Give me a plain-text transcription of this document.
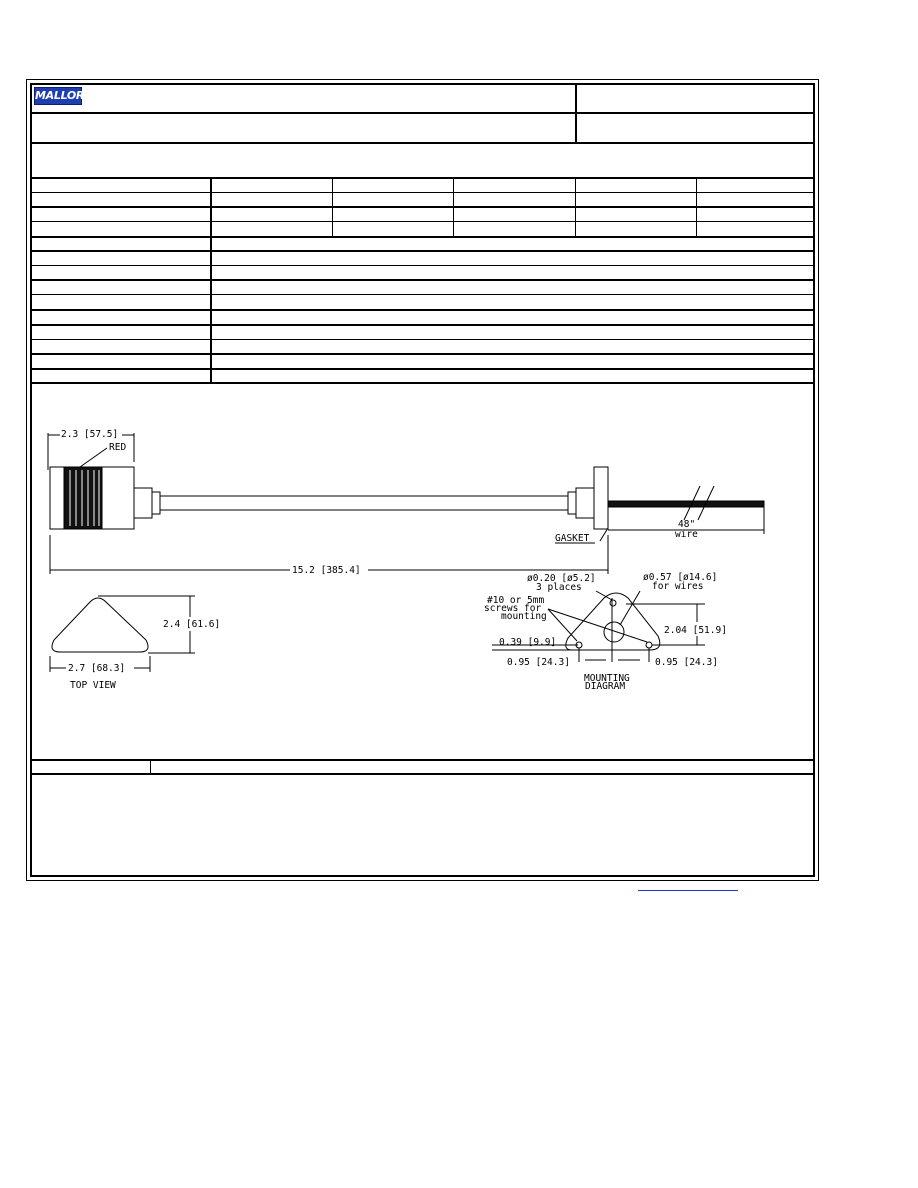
MALLORY
2.3 [57.5]
RED
GASKET
48"
wire
15.2 [385.4]
2.4 [61.6]
2.7 [68.3]
TOP VIEW
ø0.20 [ø5.2]
3 places
ø0.57 [ø14.6]
for wires
#10 or 5mm
screws for
mounting
0.39 [9.9]
2.04 [51.9]
0.95 [24.3]	0.95 [24.3]
MOUNTING
DIAGRAM
